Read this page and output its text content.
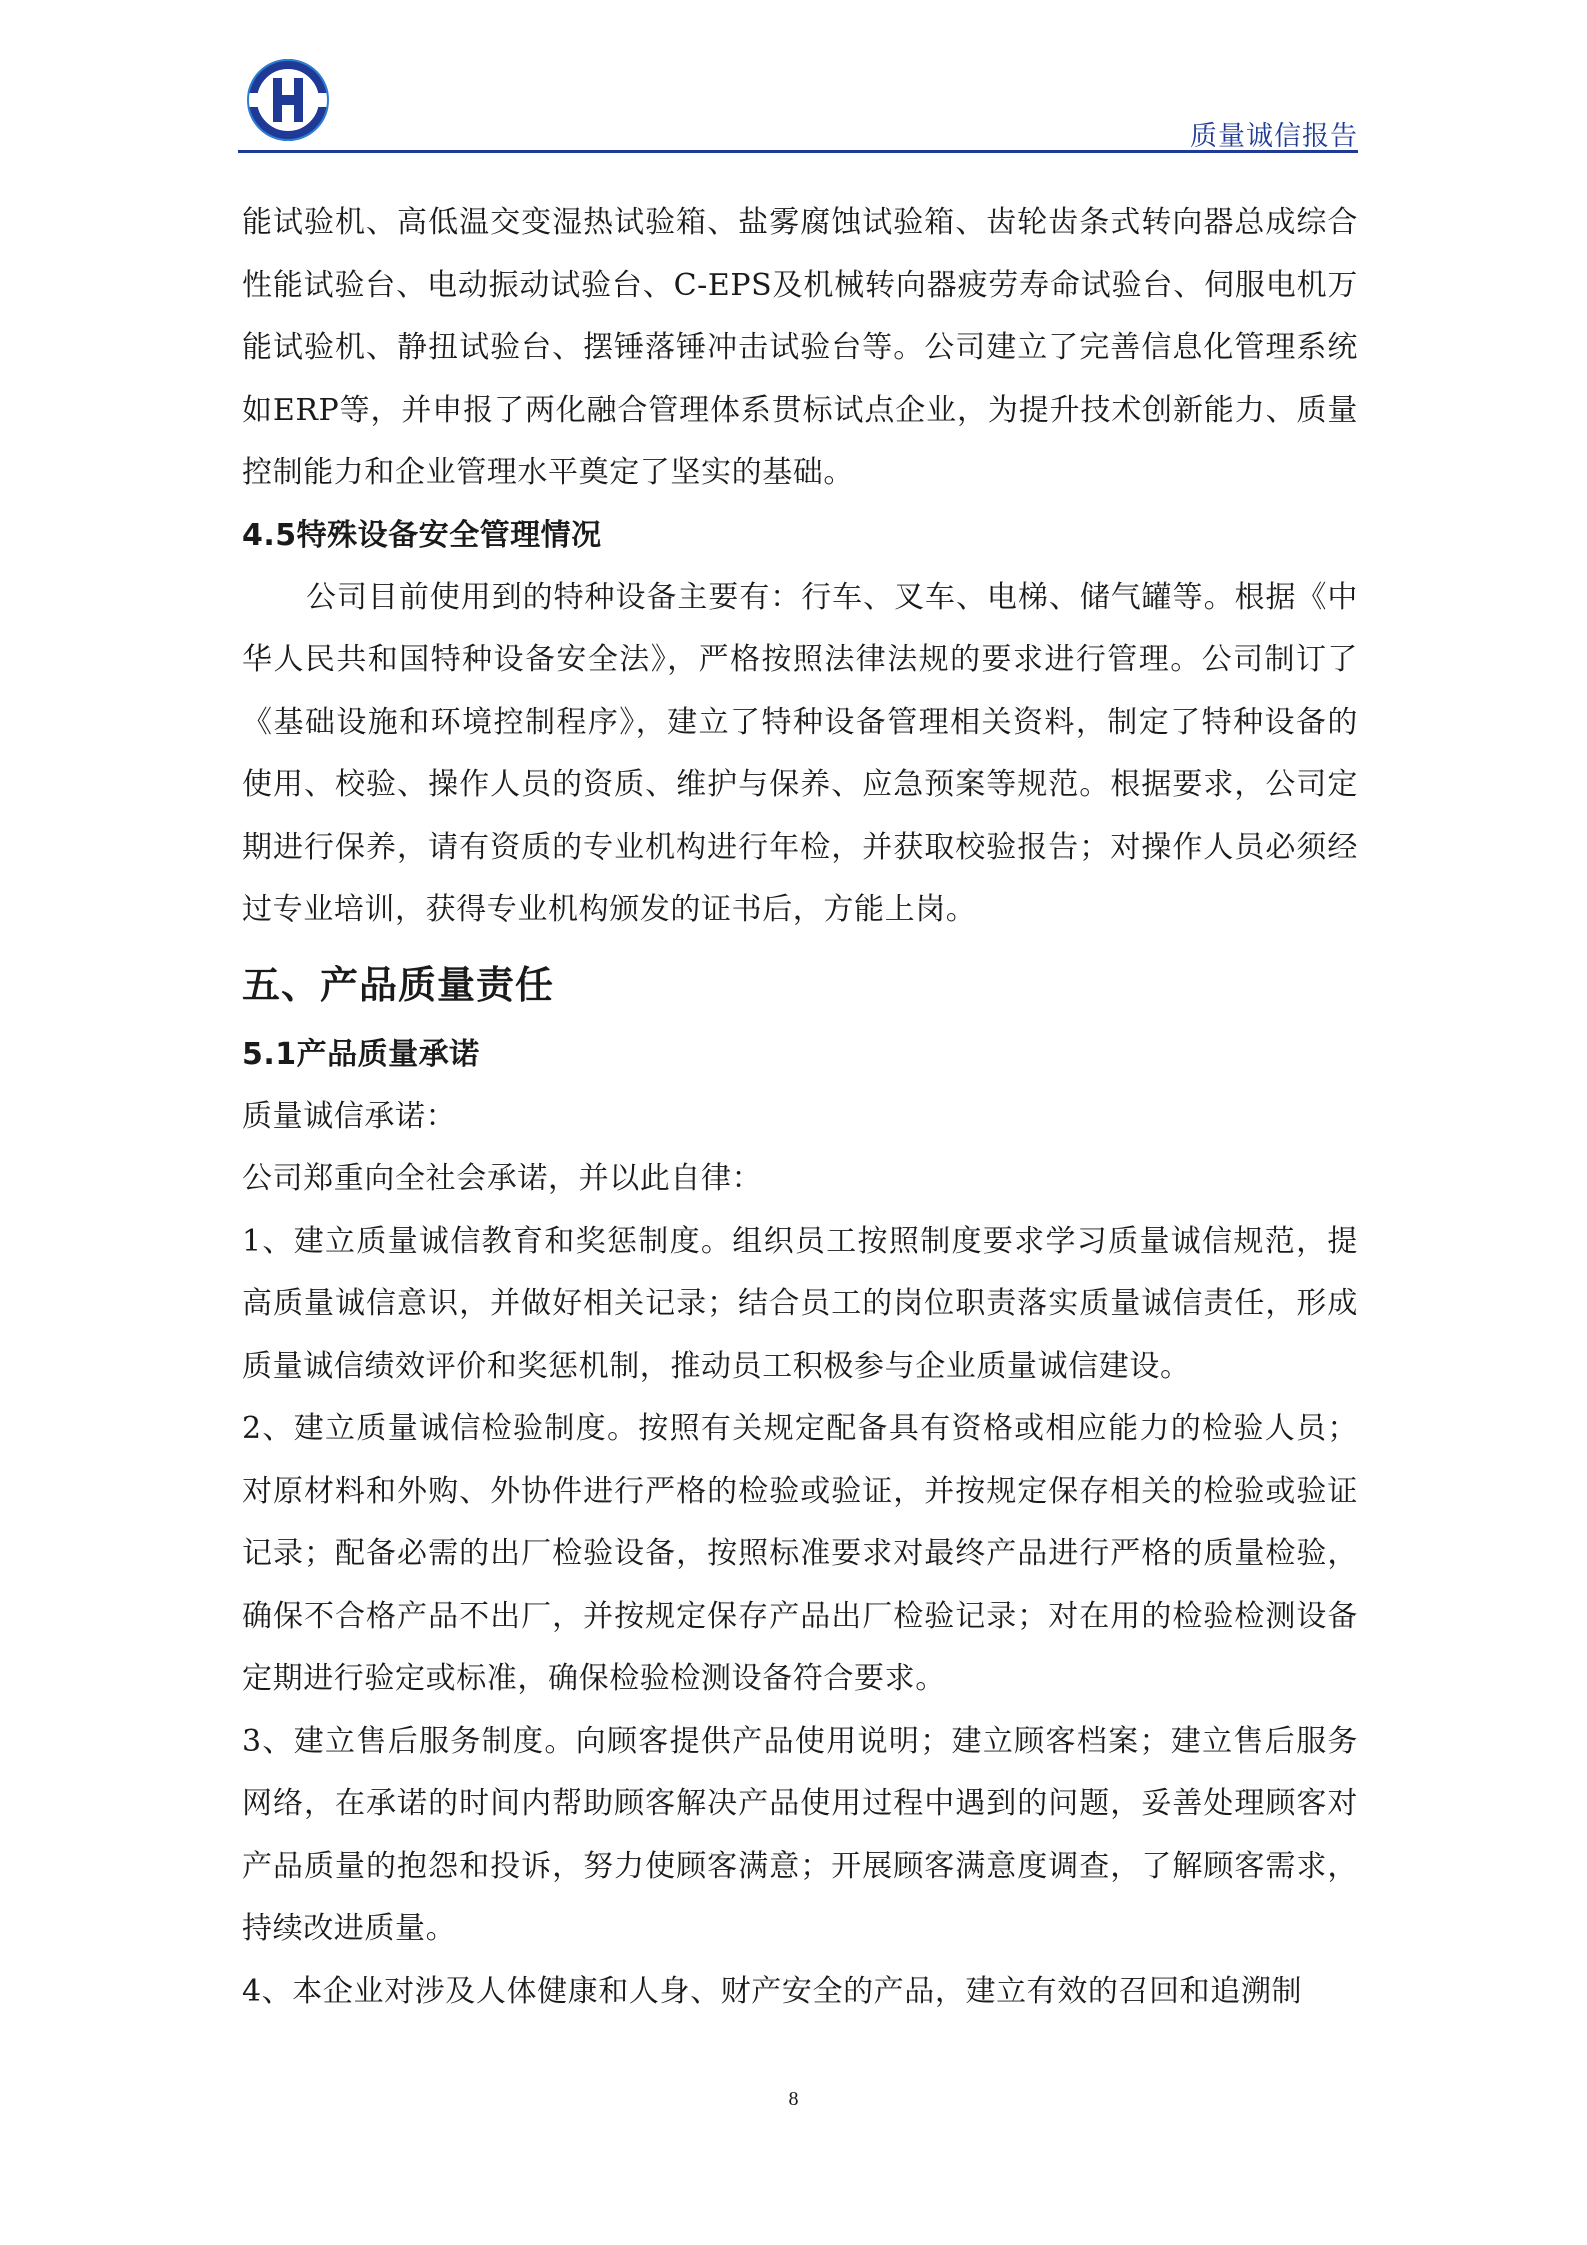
质量诚信报告

能试验机、高低温交变湿热试验箱、盐雾腐蚀试验箱、齿轮齿条式转向器总成综合性能试验台、电动振动试验台、C-EPS及机械转向器疲劳寿命试验台、伺服电机万能试验机、静扭试验台、摆锤落锤冲击试验台等。公司建立了完善信息化管理系统如ERP等，并申报了两化融合管理体系贯标试点企业，为提升技术创新能力、质量控制能力和企业管理水平奠定了坚实的基础。

4.5特殊设备安全管理情况

公司目前使用到的特种设备主要有：行车、叉车、电梯、储气罐等。根据《中华人民共和国特种设备安全法》，严格按照法律法规的要求进行管理。公司制订了《基础设施和环境控制程序》，建立了特种设备管理相关资料，制定了特种设备的使用、校验、操作人员的资质、维护与保养、应急预案等规范。根据要求，公司定期进行保养，请有资质的专业机构进行年检，并获取校验报告；对操作人员必须经过专业培训，获得专业机构颁发的证书后，方能上岗。

五、产品质量责任

5.1产品质量承诺

质量诚信承诺：

公司郑重向全社会承诺，并以此自律：

1、建立质量诚信教育和奖惩制度。组织员工按照制度要求学习质量诚信规范，提高质量诚信意识，并做好相关记录；结合员工的岗位职责落实质量诚信责任，形成质量诚信绩效评价和奖惩机制，推动员工积极参与企业质量诚信建设。

2、建立质量诚信检验制度。按照有关规定配备具有资格或相应能力的检验人员；对原材料和外购、外协件进行严格的检验或验证，并按规定保存相关的检验或验证记录；配备必需的出厂检验设备，按照标准要求对最终产品进行严格的质量检验，确保不合格产品不出厂，并按规定保存产品出厂检验记录；对在用的检验检测设备定期进行验定或标准，确保检验检测设备符合要求。

3、建立售后服务制度。向顾客提供产品使用说明；建立顾客档案；建立售后服务网络，在承诺的时间内帮助顾客解决产品使用过程中遇到的问题，妥善处理顾客对产品质量的抱怨和投诉，努力使顾客满意；开展顾客满意度调查，了解顾客需求，持续改进质量。

4、本企业对涉及人体健康和人身、财产安全的产品，建立有效的召回和追溯制

8
